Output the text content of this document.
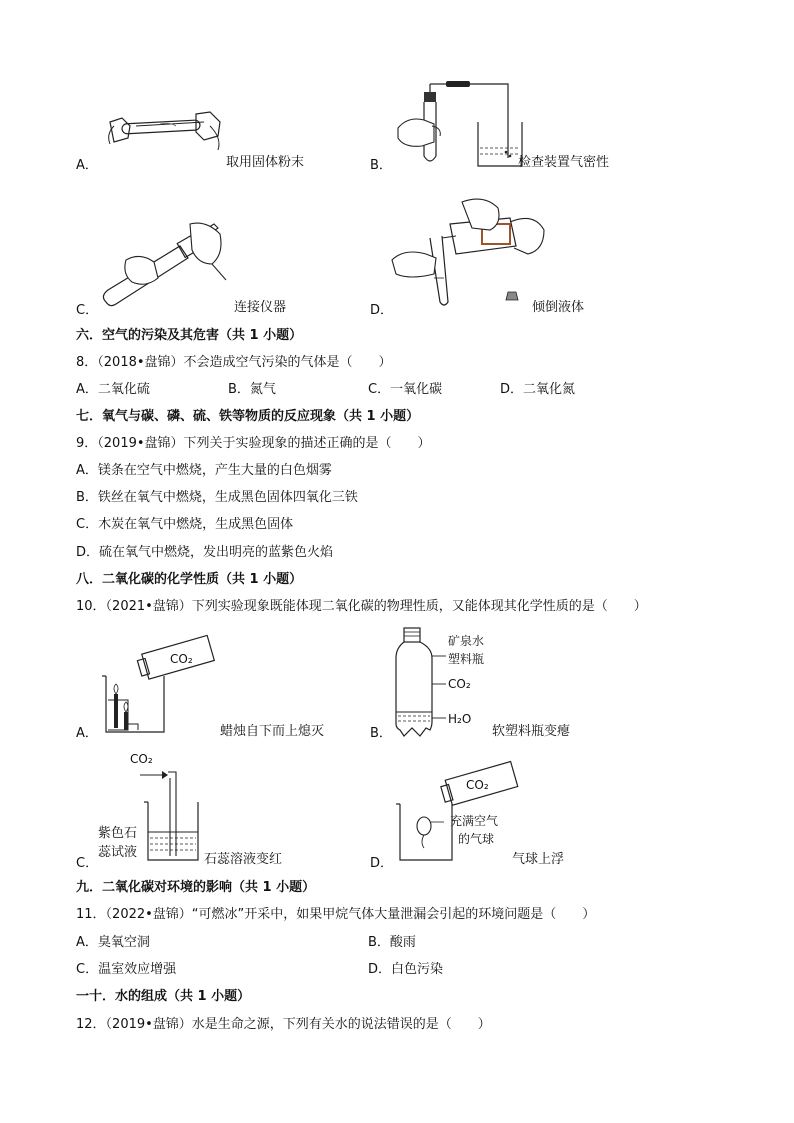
A．	取用固体粉末	B．	检查装置气密性
C．	连接仪器	D．	倾倒液体
六．空气的污染及其危害（共 1 小题）
8．（2018•盘锦）不会造成空气污染的气体是（　　）
A．二氧化硫	B．氮气	C．一氧化碳	D．二氧化氮
七．氧气与碳、磷、硫、铁等物质的反应现象（共 1 小题）
9．（2019•盘锦）下列关于实验现象的描述正确的是（　　）
A．镁条在空气中燃烧，产生大量的白色烟雾
B．铁丝在氧气中燃烧，生成黑色固体四氧化三铁
C．木炭在氧气中燃烧，生成黑色固体
D．硫在氧气中燃烧，发出明亮的蓝紫色火焰
八．二氧化碳的化学性质（共 1 小题）
10．（2021•盘锦）下列实验现象既能体现二氧化碳的物理性质，又能体现其化学性质的是（　　）
CO₂
A．	蜡烛自下而上熄灭
矿泉水
塑料瓶
CO₂
H₂O
B．	软塑料瓶变瘪
CO₂
紫色石
蕊试液
C．	石蕊溶液变红
CO₂
充满空气
的气球
D．	气球上浮
九．二氧化碳对环境的影响（共 1 小题）
11．（2022•盘锦）“可燃冰”开采中，如果甲烷气体大量泄漏会引起的环境问题是（　　）
A．臭氧空洞	B．酸雨
C．温室效应增强	D．白色污染
一十．水的组成（共 1 小题）
12．（2019•盘锦）水是生命之源，下列有关水的说法错误的是（　　）
